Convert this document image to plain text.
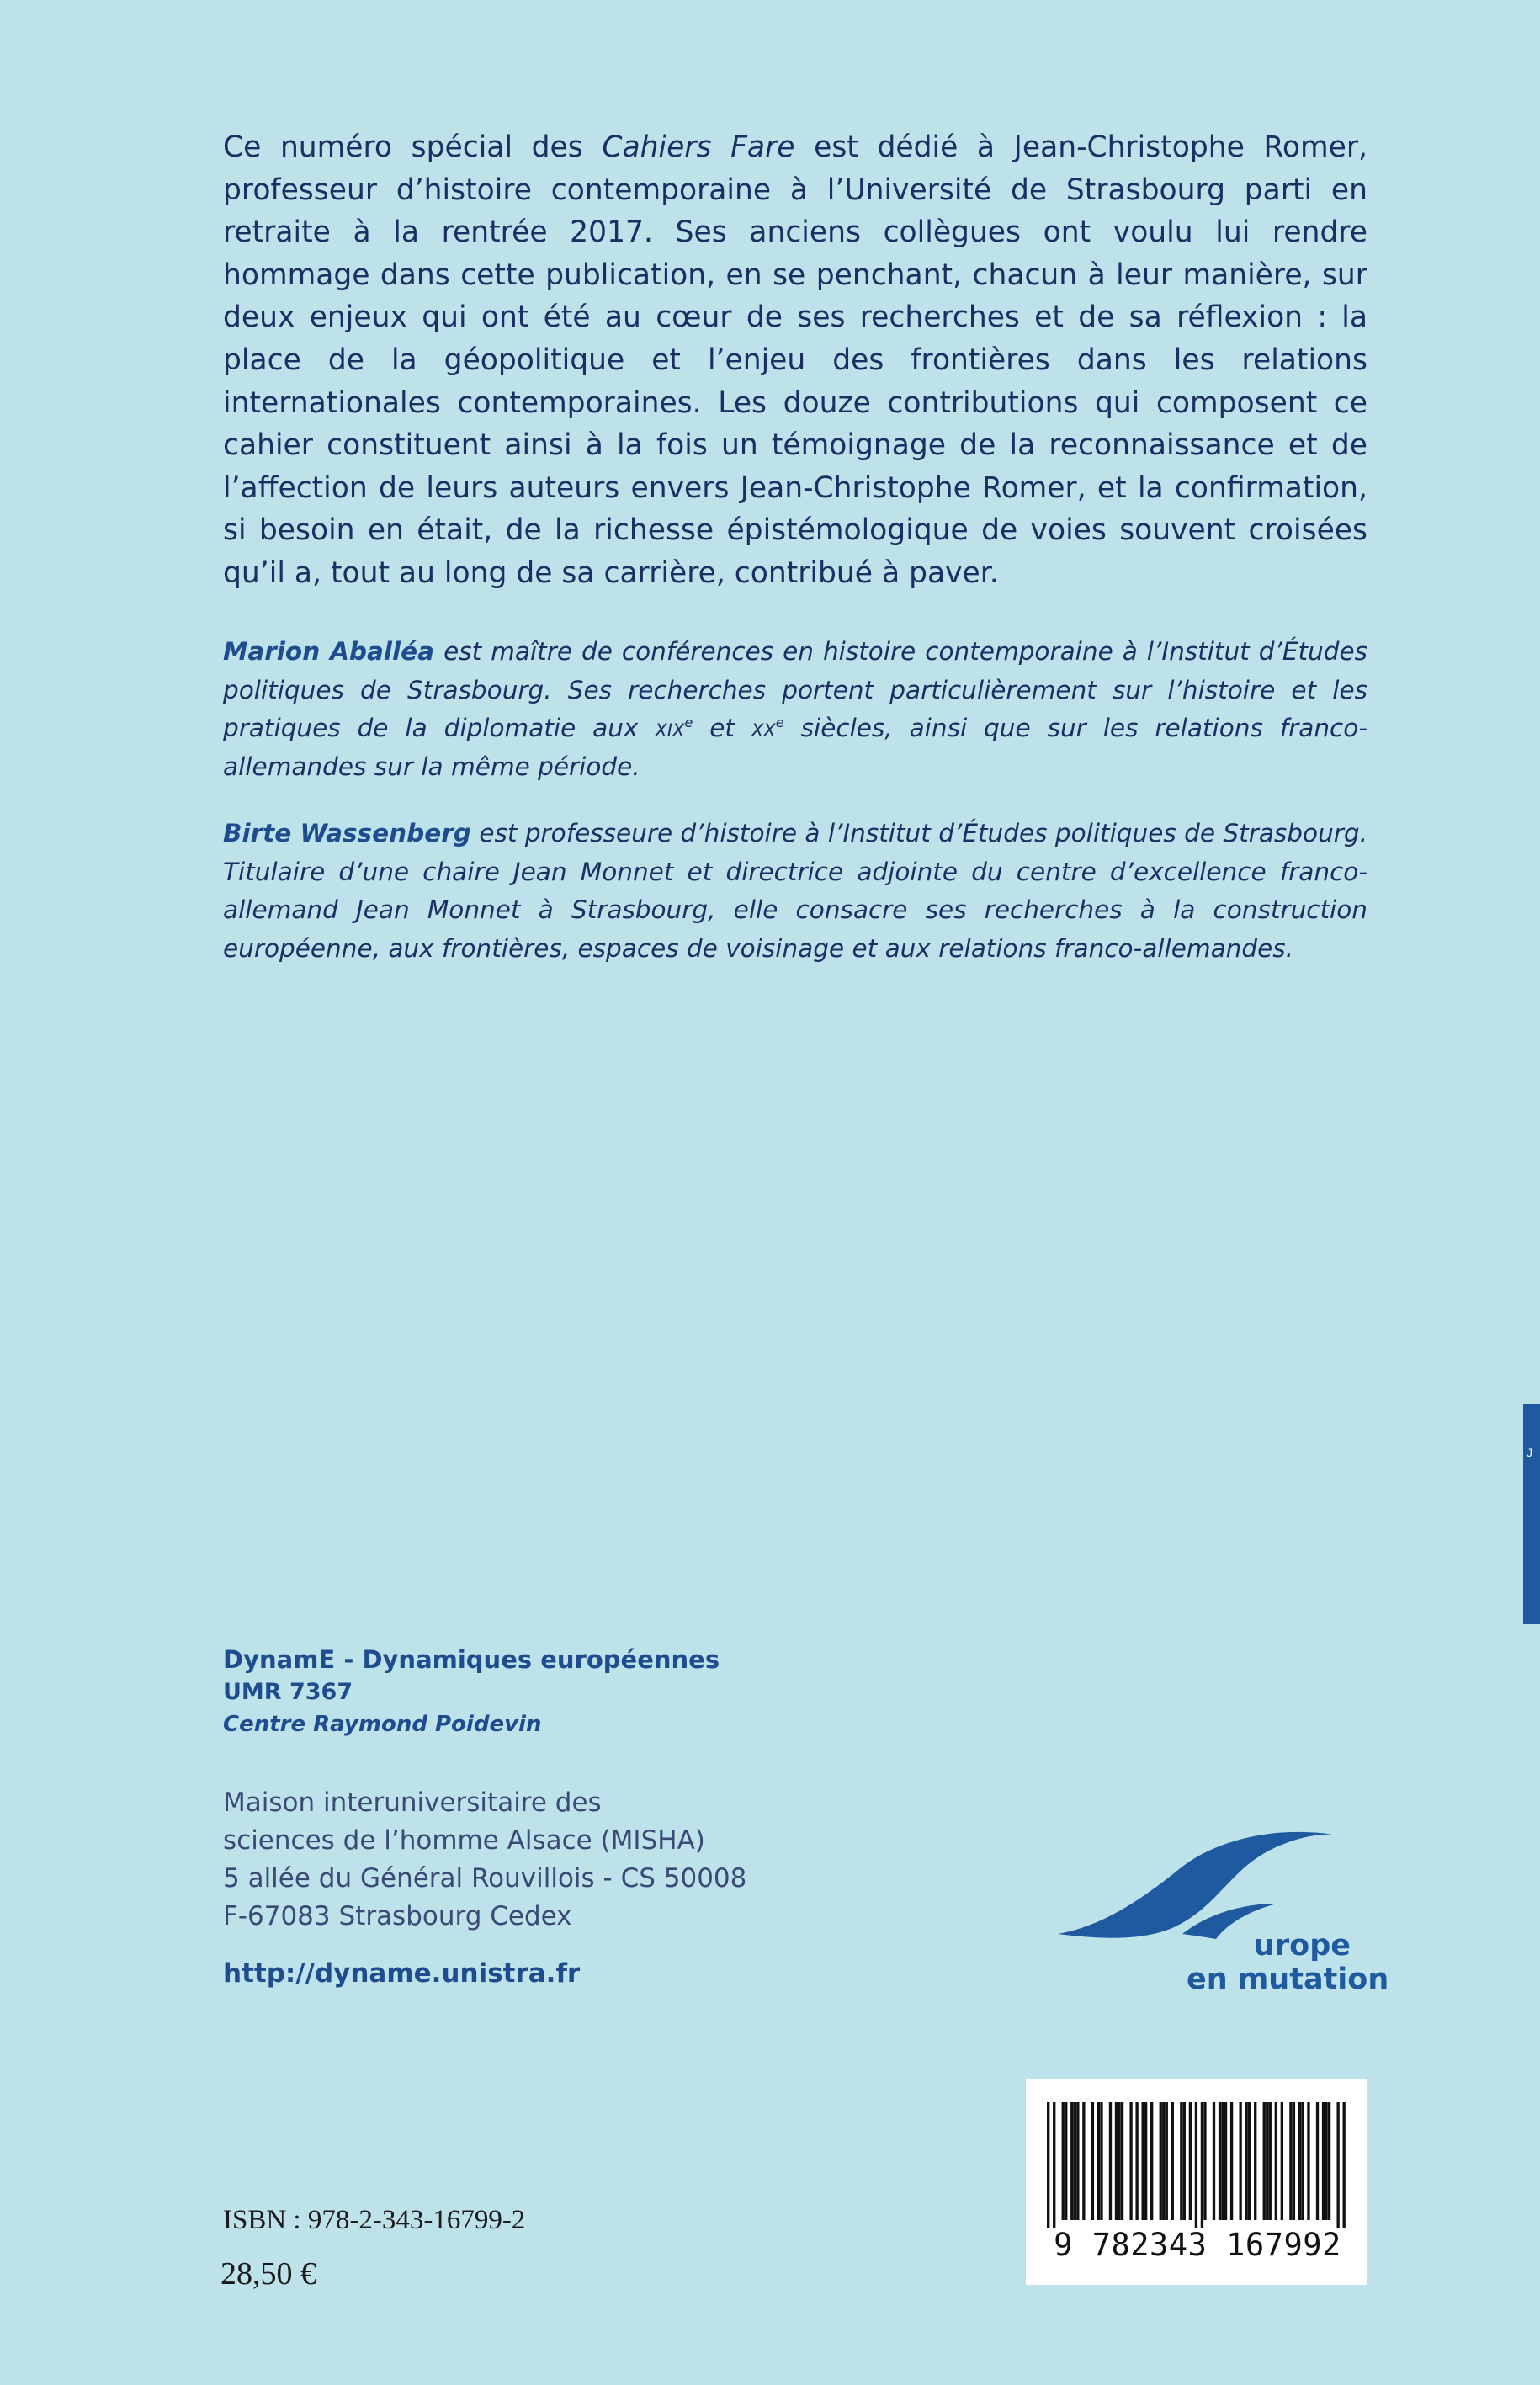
Ce numéro spécial des Cahiers Fare est dédié à Jean-Christophe Romer, professeur d’histoire contemporaine à l’Université de Strasbourg parti en retraite à la rentrée 2017. Ses anciens collègues ont voulu lui rendre hommage dans cette publication, en se penchant, chacun à leur manière, sur deux enjeux qui ont été au cœur de ses recherches et de sa réflexion : la place de la géopolitique et l’enjeu des frontières dans les relations internationales contemporaines. Les douze contributions qui composent ce cahier constituent ainsi à la fois un témoignage de la reconnaissance et de l’affection de leurs auteurs envers Jean-Christophe Romer, et la confirmation, si besoin en était, de la richesse épistémologique de voies souvent croisées qu’il a, tout au long de sa carrière, contribué à paver.

Marion Aballéa est maître de conférences en histoire contemporaine à l’Institut d’Études politiques de Strasbourg. Ses recherches portent particulièrement sur l’histoire et les pratiques de la diplomatie aux xix$^e$ et $xx^e$ siècles, ainsi que sur les relations franco-allemandes sur la même période.

Birte Wassenberg est professeure d’histoire à l’Institut d’Études politiques de Strasbourg. Titulaire d’une chaire Jean Monnet et directrice adjointe du centre d’excellence franco-allemand Jean Monnet à Strasbourg, elle consacre ses recherches à la construction européenne, aux frontières, espaces de voisinage et aux relations franco-allemandes.

J

DynamE - Dynamiques européennes

UMR 7367

Centre Raymond Poidevin

Maison interuniversitaire des
sciences de l’homme Alsace (MISHA)
5 allée du Général Rouvillois - CS 50008
F-67083 Strasbourg Cedex
http://dyname.unistra.fr
urope
en mutation
ISBN : 978-2-343-16799-2
28,50 €
9 782343 167992
